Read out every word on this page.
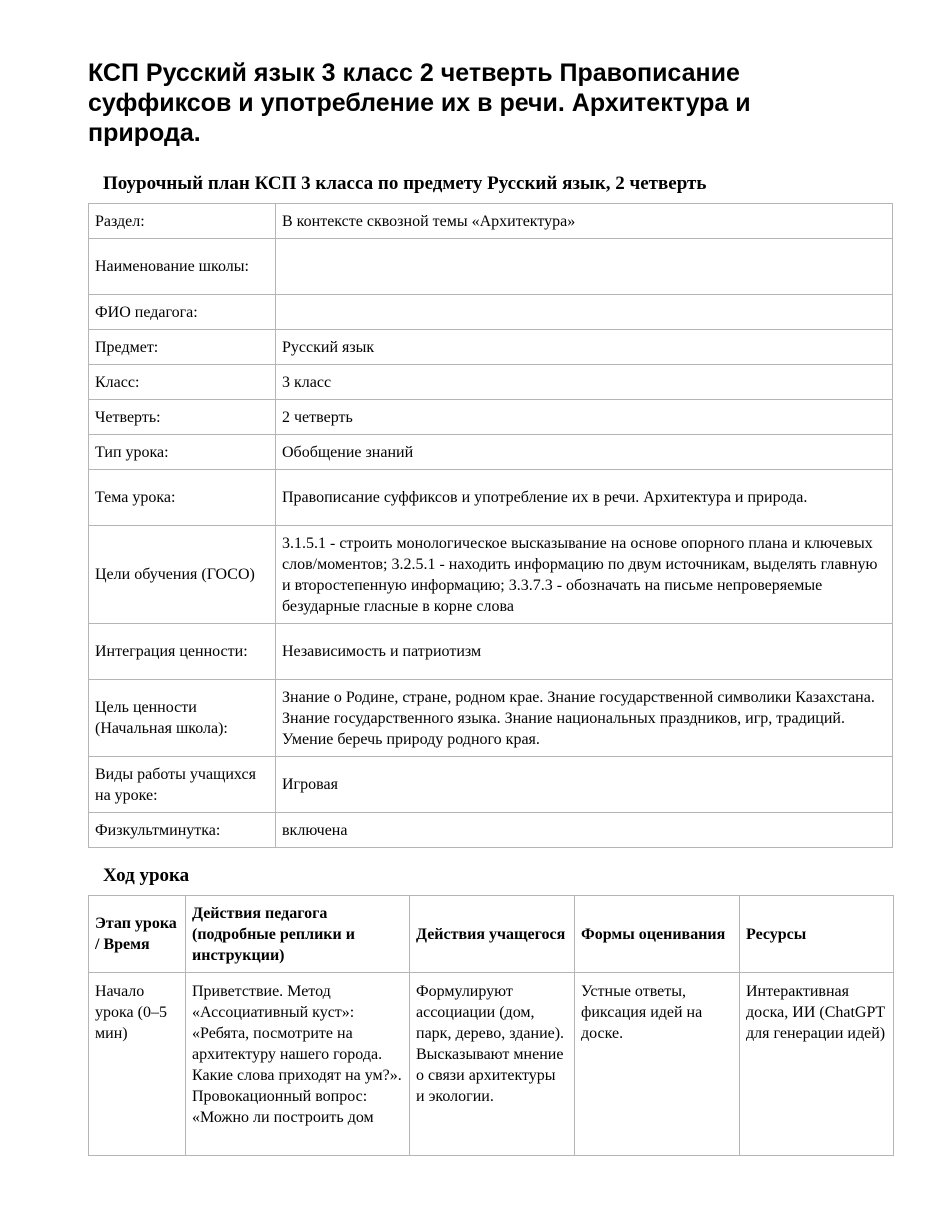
КСП Русский язык 3 класс 2 четверть Правописание суффиксов и употребление их в речи. Архитектура и природа.
Поурочный план КСП 3 класса по предмету Русский язык, 2 четверть
Раздел:	В контексте сквозной темы «Архитектура»
Наименование школы:	
ФИО педагога:	
Предмет:	Русский язык
Класс:	3 класс
Четверть:	2 четверть
Тип урока:	Обобщение знаний
Тема урока:	Правописание суффиксов и употребление их в речи. Архитектура и природа.
Цели обучения (ГОСО)	3.1.5.1 - строить монологическое высказывание на основе опорного плана и ключевых слов/моментов; 3.2.5.1 - находить информацию по двум источникам, выделять главную и второстепенную информацию; 3.3.7.3 - обозначать на письме непроверяемые безударные гласные в корне слова
Интеграция ценности:	Независимость и патриотизм
Цель ценности (Начальная школа):	Знание о Родине, стране, родном крае. Знание государственной символики Казахстана. Знание государственного языка. Знание национальных праздников, игр, традиций. Умение беречь природу родного края.
Виды работы учащихся на уроке:	Игровая
Физкультминутка:	включена
Ход урока
Этап урока / Время	Действия педагога (подробные реплики и инструкции)	Действия учащегося	Формы оценивания	Ресурсы
Начало урока (0–5 мин)	Приветствие. Метод «Ассоциативный куст»: «Ребята, посмотрите на архитектуру нашего города. Какие слова приходят на ум?». Провокационный вопрос: «Можно ли построить дом	Формулируют ассоциации (дом, парк, дерево, здание). Высказывают мнение о связи архитектуры и экологии.	Устные ответы, фиксация идей на доске.	Интерактивная доска, ИИ (ChatGPT для генерации идей)
